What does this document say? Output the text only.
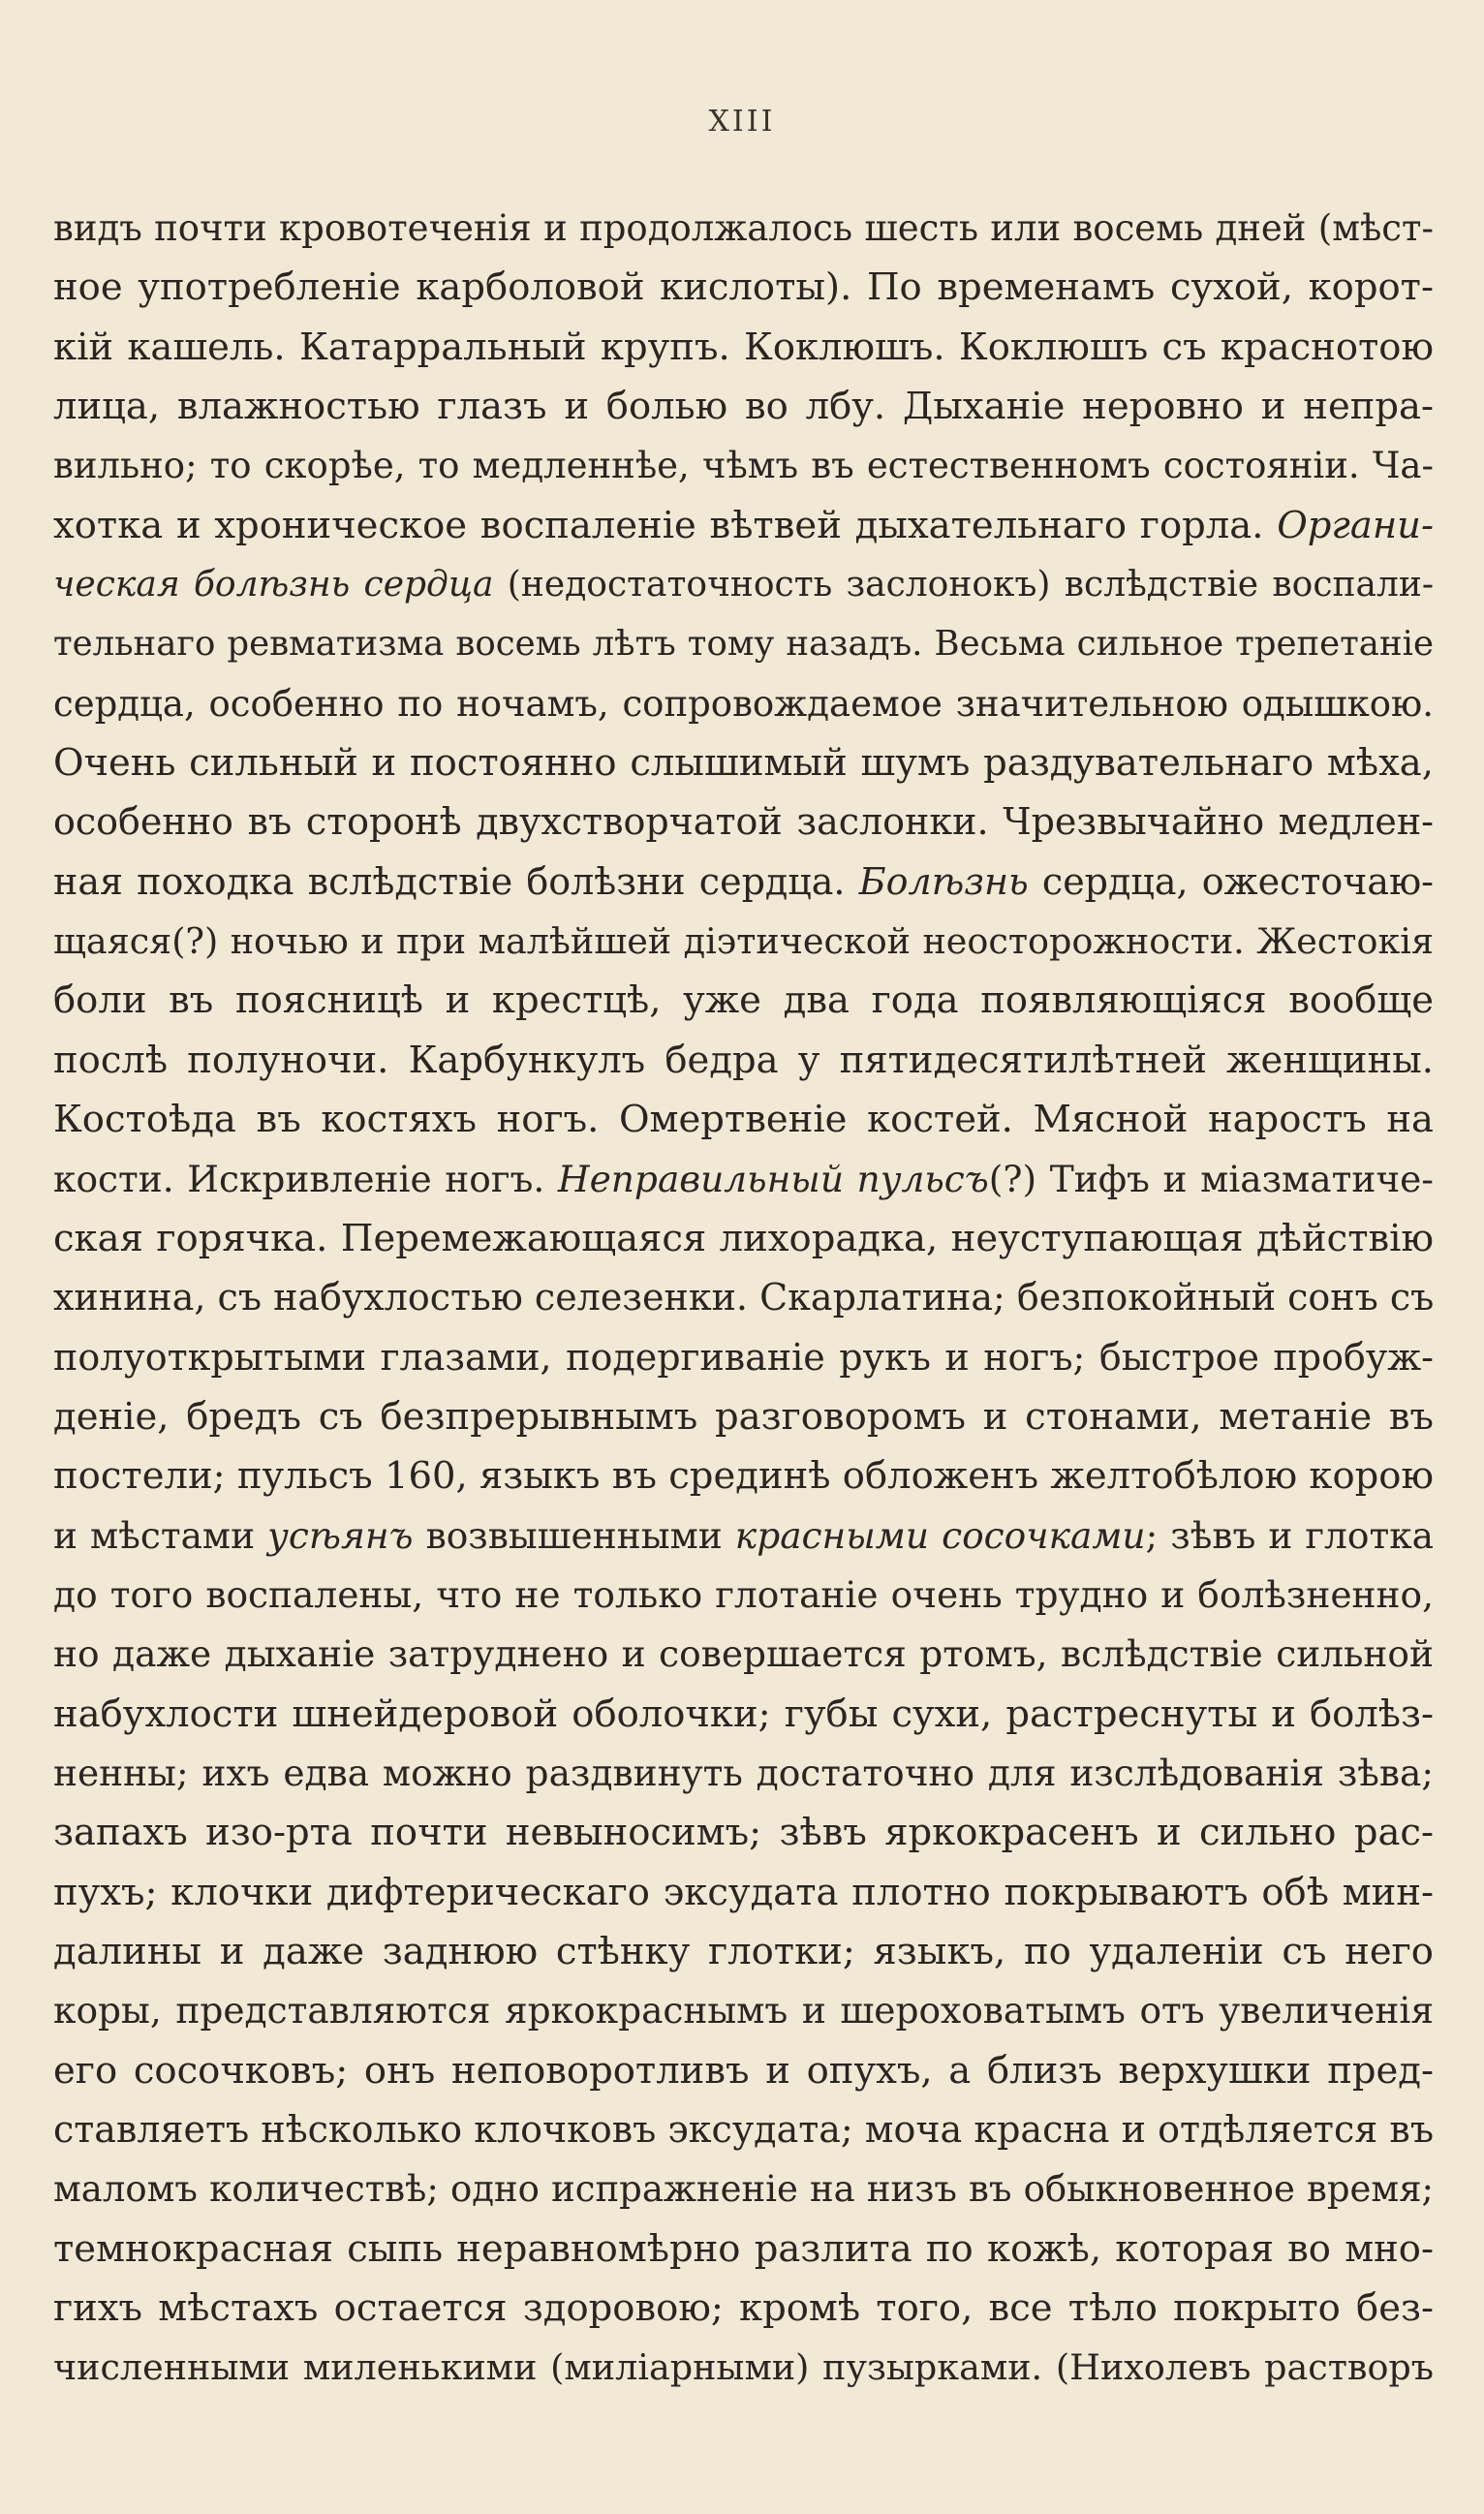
XIII
видъ почти кровотеченія и продолжалось шесть или восемь дней (мѣст-
ное употребленіе карболовой кислоты). По временамъ сухой, корот-
кій кашель. Катарральный крупъ. Коклюшъ. Коклюшъ съ краснотою
лица, влажностью глазъ и болью во лбу. Дыханіе неровно и непра-
вильно; то скорѣе, то медленнѣе, чѣмъ въ естественномъ состояніи. Ча-
хотка и хроническое воспаленіе вѣтвей дыхательнаго горла. Органи-
ческая болѣзнь сердца (недостаточность заслонокъ) вслѣдствіе воспали-
тельнаго ревматизма восемь лѣтъ тому назадъ. Весьма сильное трепетаніе
сердца, особенно по ночамъ, сопровождаемое значительною одышкою.
Очень сильный и постоянно слышимый шумъ раздувательнаго мѣха,
особенно въ сторонѣ двухстворчатой заслонки. Чрезвычайно медлен-
ная походка вслѣдствіе болѣзни сердца. Болѣзнь сердца, ожесточаю-
щаяся(?) ночью и при малѣйшей діэтической неосторожности. Жестокія
боли въ поясницѣ и крестцѣ, уже два года появляющіяся вообще
послѣ полуночи. Карбункулъ бедра у пятидесятилѣтней женщины.
Костоѣда въ костяхъ ногъ. Омертвеніе костей. Мясной наростъ на
кости. Искривленіе ногъ. Неправильный пульсъ(?) Тифъ и міазматиче-
ская горячка. Перемежающаяся лихорадка, неуступающая дѣйствію
хинина, съ набухлостью селезенки. Скарлатина; безпокойный сонъ съ
полуоткрытыми глазами, подергиваніе рукъ и ногъ; быстрое пробуж-
деніе, бредъ съ безпрерывнымъ разговоромъ и стонами, метаніе въ
постели; пульсъ 160, языкъ въ срединѣ обложенъ желтобѣлою корою
и мѣстами усѣянъ возвышенными красными сосочками; зѣвъ и глотка
до того воспалены, что не только глотаніе очень трудно и болѣзненно,
но даже дыханіе затруднено и совершается ртомъ, вслѣдствіе сильной
набухлости шнейдеровой оболочки; губы сухи, растреснуты и болѣз-
ненны; ихъ едва можно раздвинуть достаточно для изслѣдованія зѣва;
запахъ изо-рта почти невыносимъ; зѣвъ яркокрасенъ и сильно рас-
пухъ; клочки дифтерическаго эксудата плотно покрываютъ обѣ мин-
далины и даже заднюю стѣнку глотки; языкъ, по удаленіи съ него
коры, представляются яркокраснымъ и шероховатымъ отъ увеличенія
его сосочковъ; онъ неповоротливъ и опухъ, а близъ верхушки пред-
ставляетъ нѣсколько клочковъ эксудата; моча красна и отдѣляется въ
маломъ количествѣ; одно испражненіе на низъ въ обыкновенное время;
темнокрасная сыпь неравномѣрно разлита по кожѣ, которая во мно-
гихъ мѣстахъ остается здоровою; кромѣ того, все тѣло покрыто без-
численными миленькими (миліарными) пузырками. (Нихолевъ растворъ
